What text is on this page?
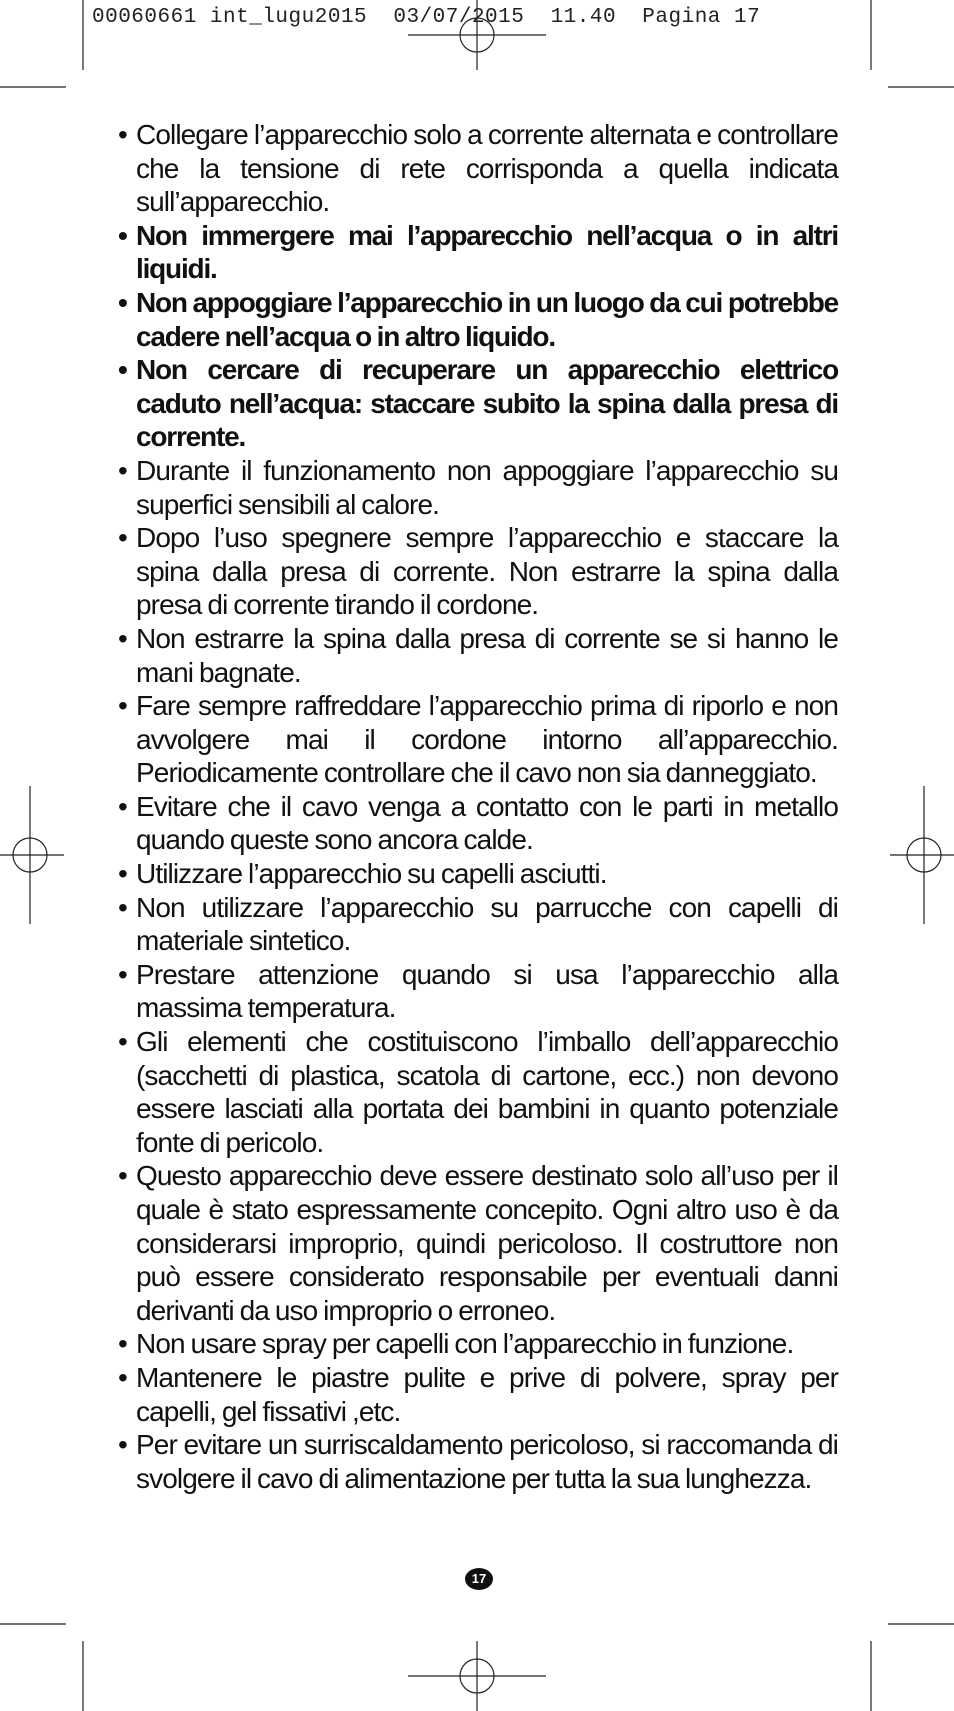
00060661 int_lugu2015  03/07/2015  11.40  Pagina 17
• Collegare l’apparecchio solo a corrente alternata e controllare che la tensione di rete corrisponda a quella indicata sull’apparecchio.
• Non immergere mai l’apparecchio nell’acqua o in altri liquidi.
• Non appoggiare l’apparecchio in un luogo da cui potrebbe cadere nell’acqua o in altro liquido.
• Non cercare di recuperare un apparecchio elettrico caduto nell’acqua: staccare subito la spina dalla presa di corrente.
• Durante il funzionamento non appoggiare l’apparecchio su superfici sensibili al calore.
• Dopo l’uso spegnere sempre l’apparecchio e staccare la spina dalla presa di corrente. Non estrarre la spina dalla presa di corrente tirando il cordone.
• Non estrarre la spina dalla presa di corrente se si hanno le mani bagnate.
• Fare sempre raffreddare l’apparecchio prima di riporlo e non avvolgere mai il cordone intorno all’apparecchio. Periodicamente controllare che il cavo non sia danneggiato.
• Evitare che il cavo venga a contatto con le parti in metallo quando queste sono ancora calde.
• Utilizzare l’apparecchio su capelli asciutti.
• Non utilizzare l’apparecchio su parrucche con capelli di materiale sintetico.
• Prestare attenzione quando si usa l’apparecchio alla massima temperatura.
• Gli elementi che costituiscono l’imballo dell’apparecchio (sacchetti di plastica, scatola di cartone, ecc.) non devono essere lasciati alla portata dei bambini in quanto potenziale fonte di pericolo.
• Questo apparecchio deve essere destinato solo all’uso per il quale è stato espressamente concepito. Ogni altro uso è da considerarsi improprio, quindi pericoloso. Il costruttore non può essere considerato responsabile per eventuali danni derivanti da uso improprio o erroneo.
• Non usare spray per capelli con l’apparecchio in funzione.
• Mantenere le piastre pulite e prive di polvere, spray per capelli, gel fissativi ,etc.
• Per evitare un surriscaldamento pericoloso, si raccomanda di svolgere il cavo di alimentazione per tutta la sua lunghezza.
17
